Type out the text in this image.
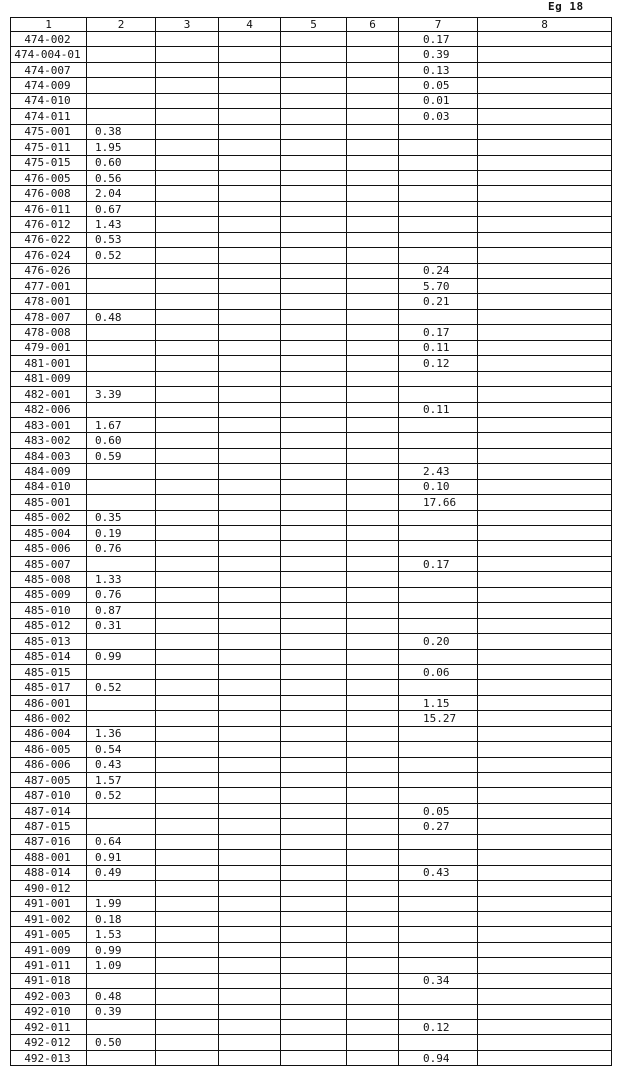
Eg 18
1	2	3	4	5	6	7	8
474-002						0.17	
474-004-01						0.39	
474-007						0.13	
474-009						0.05	
474-010						0.01	
474-011						0.03	
475-001	0.38						
475-011	1.95						
475-015	0.60						
476-005	0.56						
476-008	2.04						
476-011	0.67						
476-012	1.43						
476-022	0.53						
476-024	0.52						
476-026						0.24	
477-001						5.70	
478-001						0.21	
478-007	0.48						
478-008						0.17	
479-001						0.11	
481-001						0.12	
481-009							
482-001	3.39						
482-006						0.11	
483-001	1.67						
483-002	0.60						
484-003	0.59						
484-009						2.43	
484-010						0.10	
485-001						17.66	
485-002	0.35						
485-004	0.19						
485-006	0.76						
485-007						0.17	
485-008	1.33						
485-009	0.76						
485-010	0.87						
485-012	0.31						
485-013						0.20	
485-014	0.99						
485-015						0.06	
485-017	0.52						
486-001						1.15	
486-002						15.27	
486-004	1.36						
486-005	0.54						
486-006	0.43						
487-005	1.57						
487-010	0.52						
487-014						0.05	
487-015						0.27	
487-016	0.64						
488-001	0.91						
488-014	0.49					0.43	
490-012							
491-001	1.99						
491-002	0.18						
491-005	1.53						
491-009	0.99						
491-011	1.09						
491-018						0.34	
492-003	0.48						
492-010	0.39						
492-011						0.12	
492-012	0.50						
492-013						0.94	
